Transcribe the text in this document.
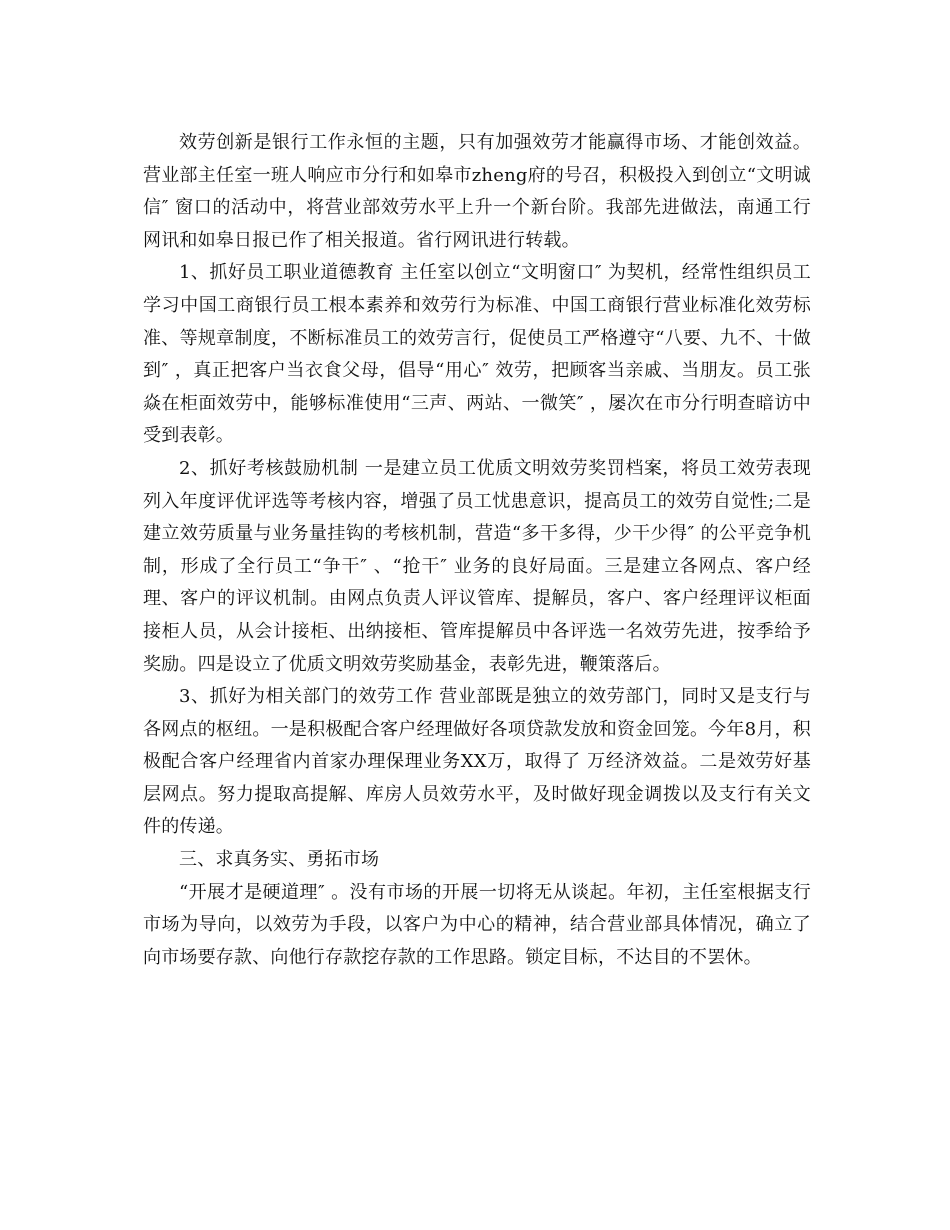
效劳创新是银行工作永恒的主题，只有加强效劳才能赢得市场、才能创效益。营业部主任室一班人响应市分行和如皋市zheng府的号召，积极投入到创立“文明诚信″ 窗口的活动中，将营业部效劳水平上升一个新台阶。我部先进做法，南通工行网讯和如皋日报已作了相关报道。省行网讯进行转载。

1、抓好员工职业道德教育 主任室以创立“文明窗口″ 为契机，经常性组织员工学习中国工商银行员工根本素养和效劳行为标准、中国工商银行营业标准化效劳标准、等规章制度，不断标准员工的效劳言行，促使员工严格遵守“八要、九不、十做到″ ，真正把客户当衣食父母，倡导“用心″ 效劳，把顾客当亲戚、当朋友。员工张焱在柜面效劳中，能够标准使用“三声、两站、一微笑″ ，屡次在市分行明查暗访中受到表彰。

2、抓好考核鼓励机制 一是建立员工优质文明效劳奖罚档案，将员工效劳表现列入年度评优评选等考核内容，增强了员工忧患意识，提高员工的效劳自觉性;二是建立效劳质量与业务量挂钩的考核机制，营造“多干多得，少干少得″ 的公平竞争机制，形成了全行员工“争干″ 、“抢干″ 业务的良好局面。三是建立各网点、客户经理、客户的评议机制。由网点负责人评议管库、提解员，客户、客户经理评议柜面接柜人员，从会计接柜、出纳接柜、管库提解员中各评选一名效劳先进，按季给予奖励。四是设立了优质文明效劳奖励基金，表彰先进，鞭策落后。

3、抓好为相关部门的效劳工作 营业部既是独立的效劳部门，同时又是支行与各网点的枢纽。一是积极配合客户经理做好各项贷款发放和资金回笼。今年8月，积极配合客户经理省内首家办理保理业务XX万，取得了 万经济效益。二是效劳好基层网点。努力提取高提解、库房人员效劳水平，及时做好现金调拨以及支行有关文件的传递。

三、求真务实、勇拓市场

“开展才是硬道理″ 。没有市场的开展一切将无从谈起。年初，主任室根据支行市场为导向，以效劳为手段，以客户为中心的精神，结合营业部具体情况，确立了向市场要存款、向他行存款挖存款的工作思路。锁定目标，不达目的不罢休。
